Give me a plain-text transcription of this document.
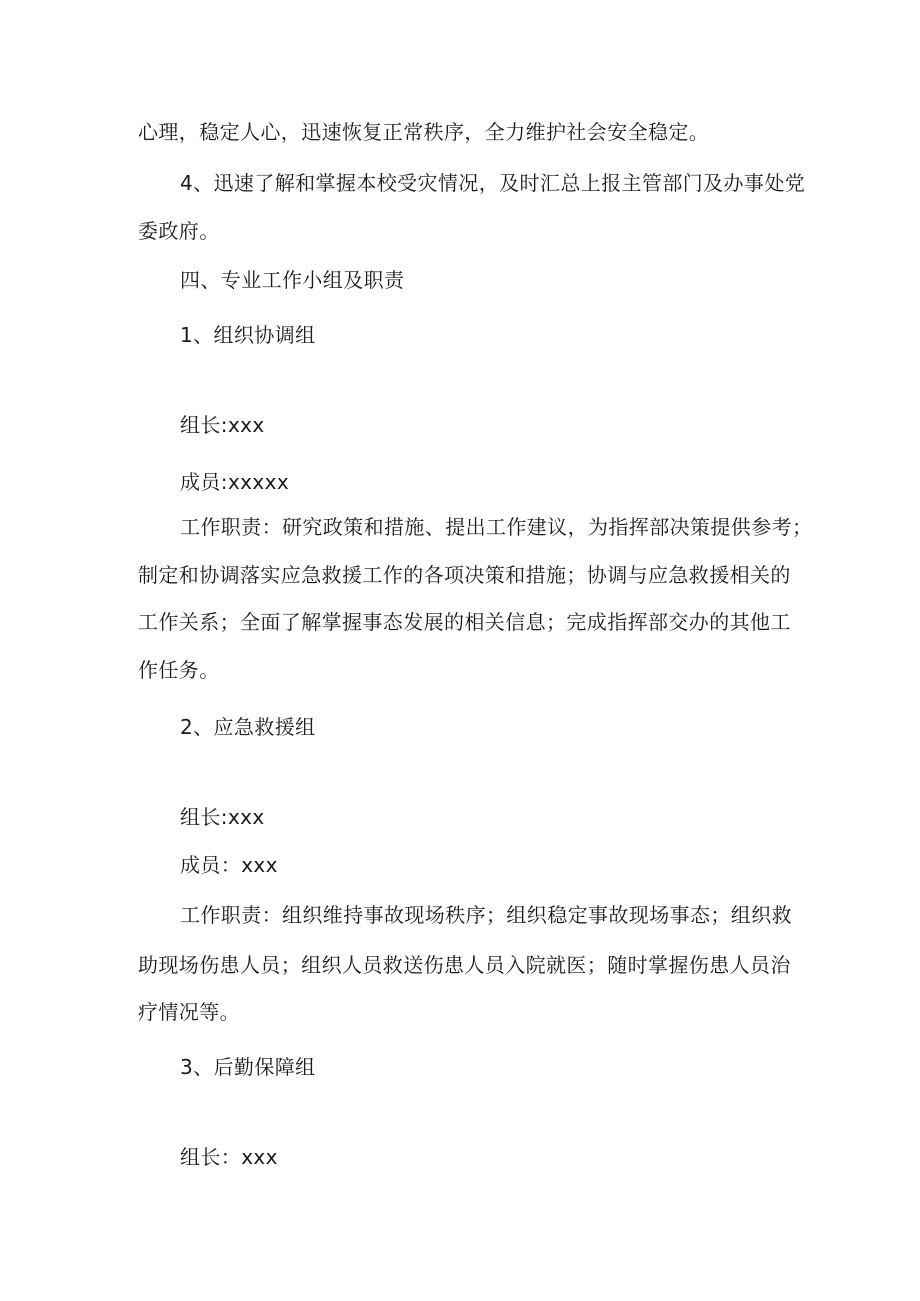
心理，稳定人心，迅速恢复正常秩序，全力维护社会安全稳定。
4、迅速了解和掌握本校受灾情况，及时汇总上报主管部门及办事处党
委政府。
四、专业工作小组及职责
1、组织协调组
组长:xxx
成员:xxxxx
工作职责：研究政策和措施、提出工作建议，为指挥部决策提供参考；
制定和协调落实应急救援工作的各项决策和措施；协调与应急救援相关的
工作关系；全面了解掌握事态发展的相关信息；完成指挥部交办的其他工
作任务。
2、应急救援组
组长:xxx
成员：xxx
工作职责：组织维持事故现场秩序；组织稳定事故现场事态；组织救
助现场伤患人员；组织人员救送伤患人员入院就医；随时掌握伤患人员治
疗情况等。
3、后勤保障组
组长：xxx
